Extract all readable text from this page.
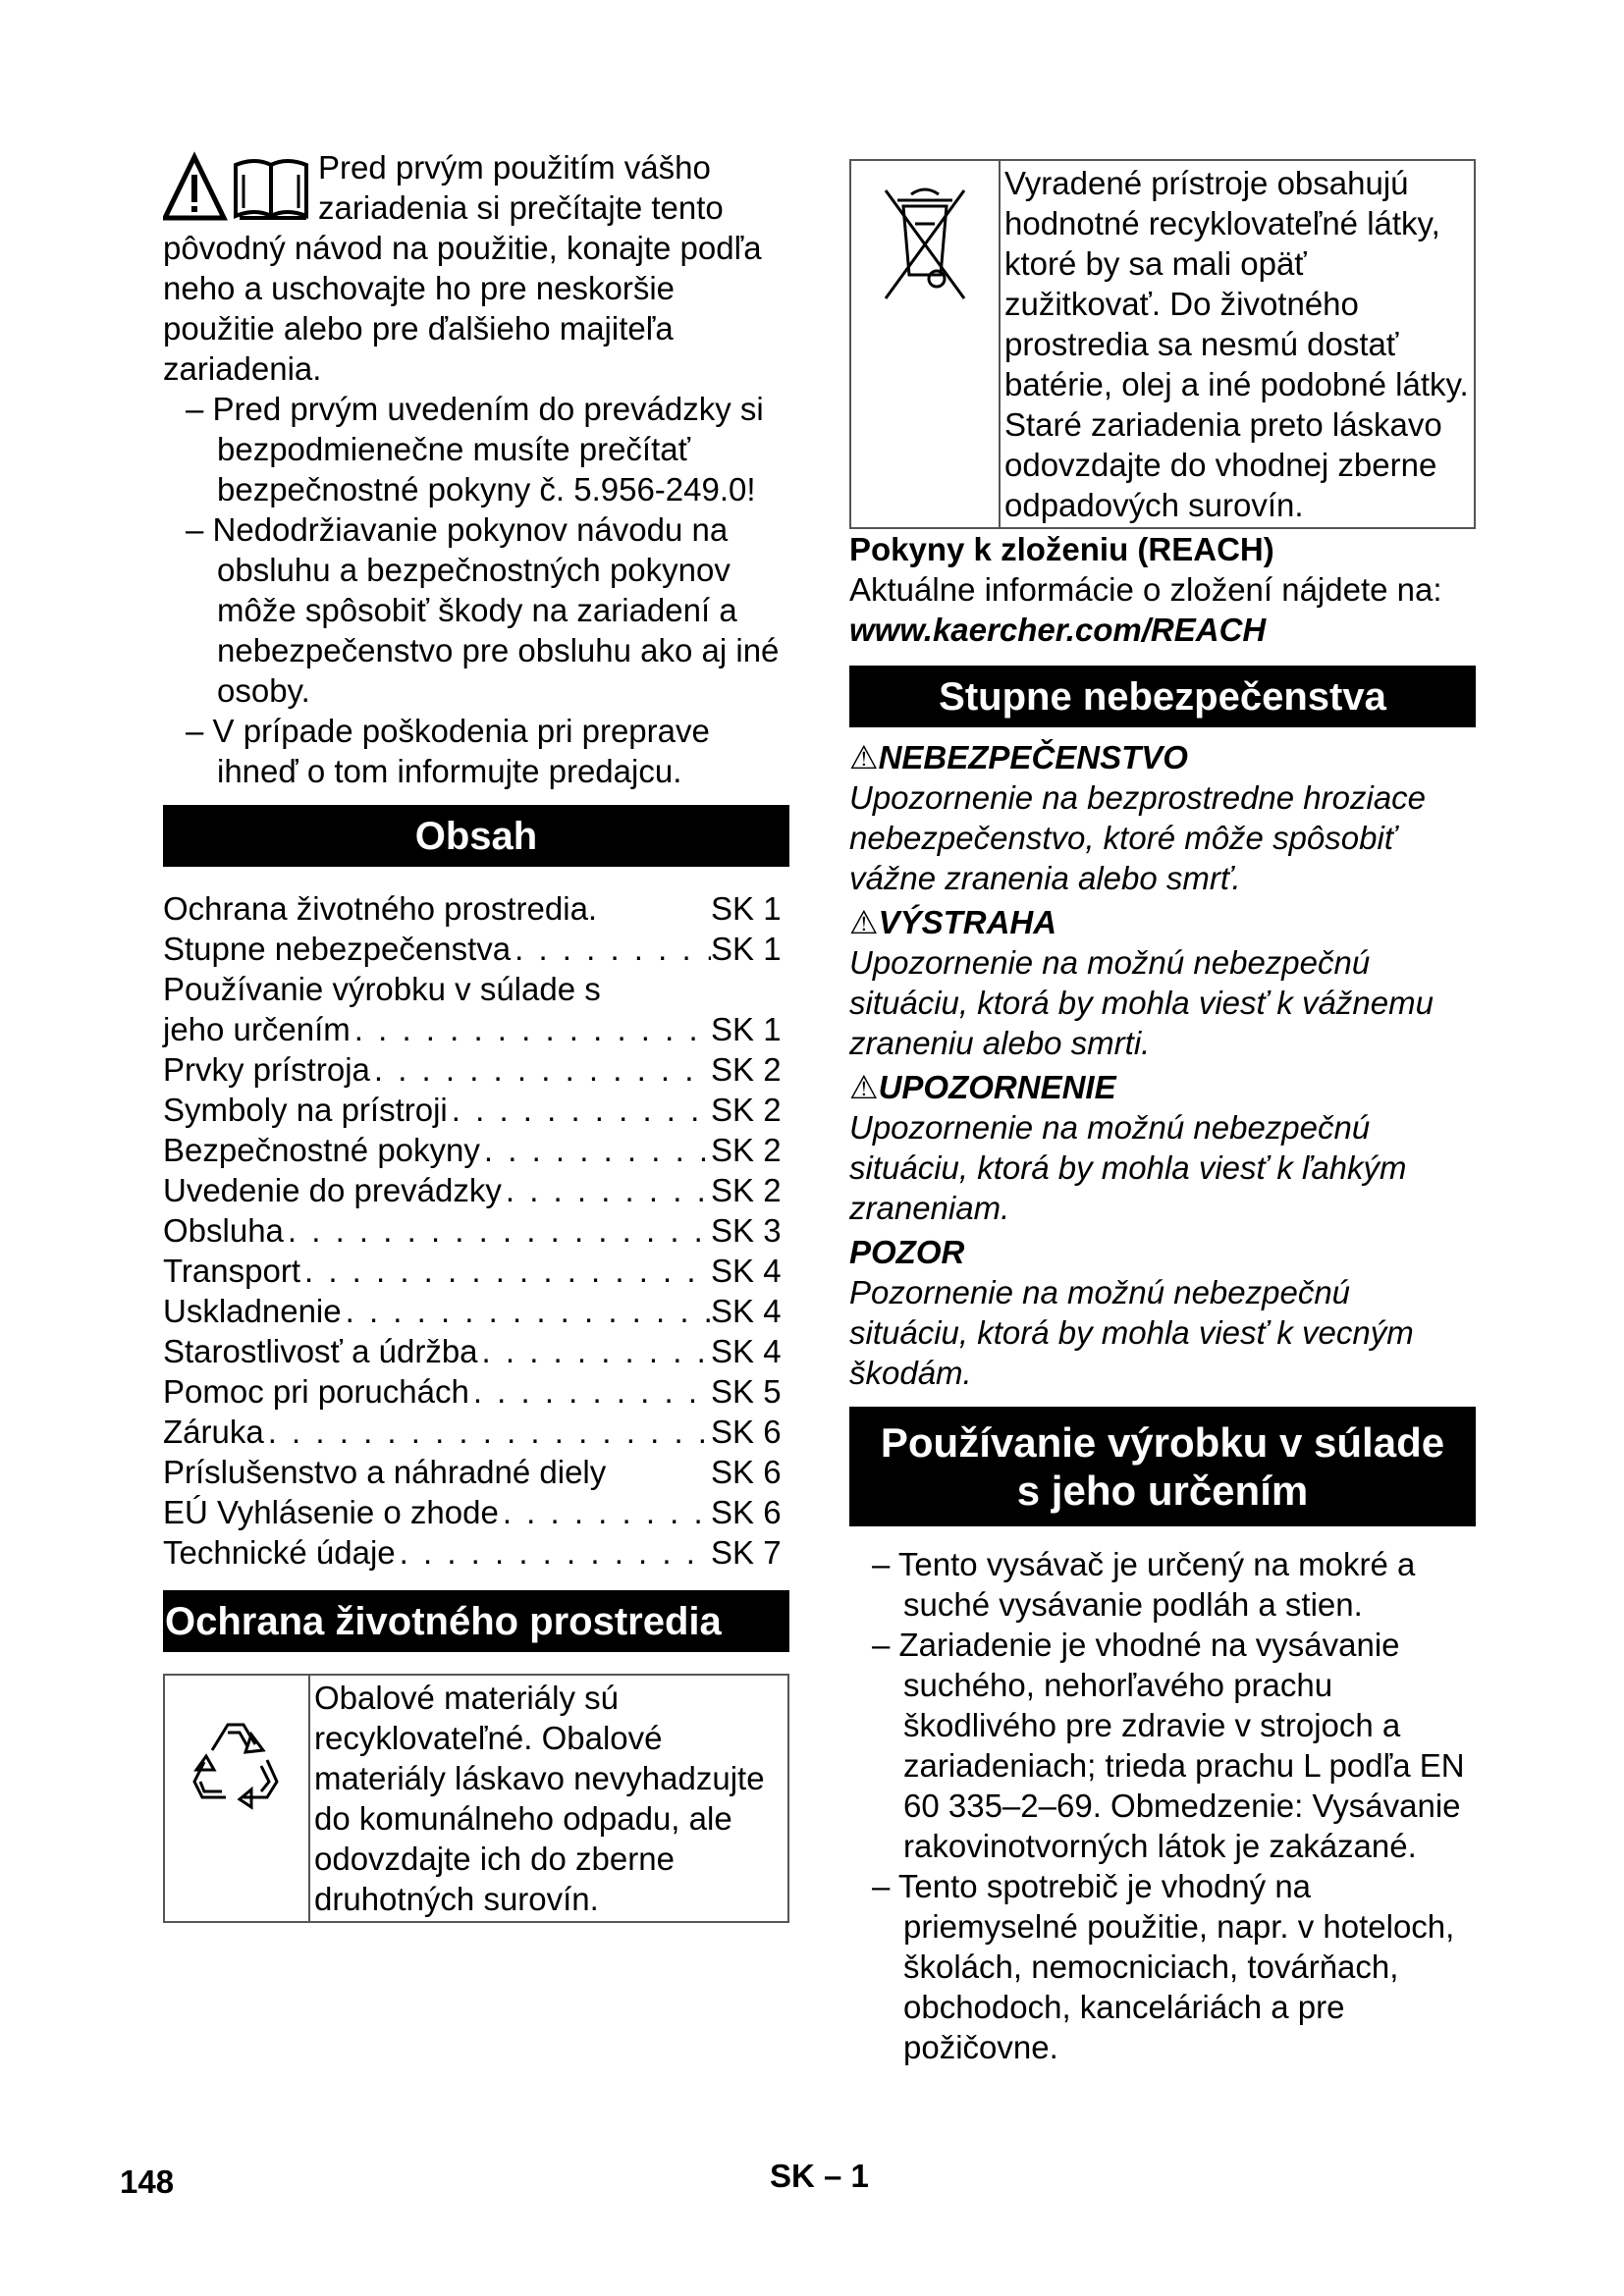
Pred prvým použitím vášho zariadenia si prečítajte tento pôvodný návod na použitie, konajte podľa neho a uschovajte ho pre neskoršie použitie alebo pre ďalšieho majiteľa zariadenia.

– Pred prvým uvedením do prevádzky si bezpodmienečne musíte prečítať bezpečnostné pokyny č. 5.956-249.0!

– Nedodržiavanie pokynov návodu na obsluhu a bezpečnostných pokynov môže spôsobiť škody na zariadení a nebezpečenstvo pre obsluhu ako aj iné osoby.

– V prípade poškodenia pri preprave ihneď o tom informujte predajcu.

Obsah
Ochrana životného prostredia.	SK 1
Stupne nebezpečenstva . . .	SK 1
Používanie výrobku v súlade s
jeho určením . . .	SK 1
Prvky prístroja . . .	SK 2
Symboly na prístroji . . .	SK 2
Bezpečnostné pokyny . . .	SK 2
Uvedenie do prevádzky . . .	SK 2
Obsluha . . .	SK 3
Transport . . .	SK 4
Uskladnenie . . .	SK 4
Starostlivosť a údržba . . .	SK 4
Pomoc pri poruchách . . .	SK 5
Záruka . . .	SK 6
Príslušenstvo a náhradné diely	SK 6
EÚ Vyhlásenie o zhode . . .	SK 6
Technické údaje . . .	SK 7
Ochrana životného prostredia
Obalové materiály sú recyklovateľné. Obalové materiály láskavo nevyhadzujte do komunálneho odpadu, ale odovzdajte ich do zberne druhotných surovín.
Vyradené prístroje obsahujú hodnotné recyklovateľné látky, ktoré by sa mali opäť zužitkovať. Do životného prostredia sa nesmú dostať batérie, olej a iné podobné látky. Staré zariadenia preto láskavo odovzdajte do vhodnej zberne odpadových surovín.

Pokyny k zloženiu (REACH)

Aktuálne informácie o zložení nájdete na:

www.kaercher.com/REACH

Stupne nebezpečenstva

⚠NEBEZPEČENSTVO

Upozornenie na bezprostredne hroziace nebezpečenstvo, ktoré môže spôsobiť vážne zranenia alebo smrť.

⚠VÝSTRAHA

Upozornenie na možnú nebezpečnú situáciu, ktorá by mohla viesť k vážnemu zraneniu alebo smrti.

⚠UPOZORNENIE

Upozornenie na možnú nebezpečnú situáciu, ktorá by mohla viesť k ľahkým zraneniam.

POZOR

Pozornenie na možnú nebezpečnú situáciu, ktorá by mohla viesť k vecným škodám.

Používanie výrobku v súlade
s jeho určením

– Tento vysávač je určený na mokré a suché vysávanie podláh a stien.

– Zariadenie je vhodné na vysávanie suchého, nehorľavého prachu škodlivého pre zdravie v strojoch a zariadeniach; trieda prachu L podľa EN 60 335–2–69. Obmedzenie: Vysávanie rakovinotvorných látok je zakázané.

– Tento spotrebič je vhodný na priemyselné použitie, napr. v hoteloch, školách, nemocniciach, továrňach, obchodoch, kanceláriách a pre požičovne.

148	SK – 1
